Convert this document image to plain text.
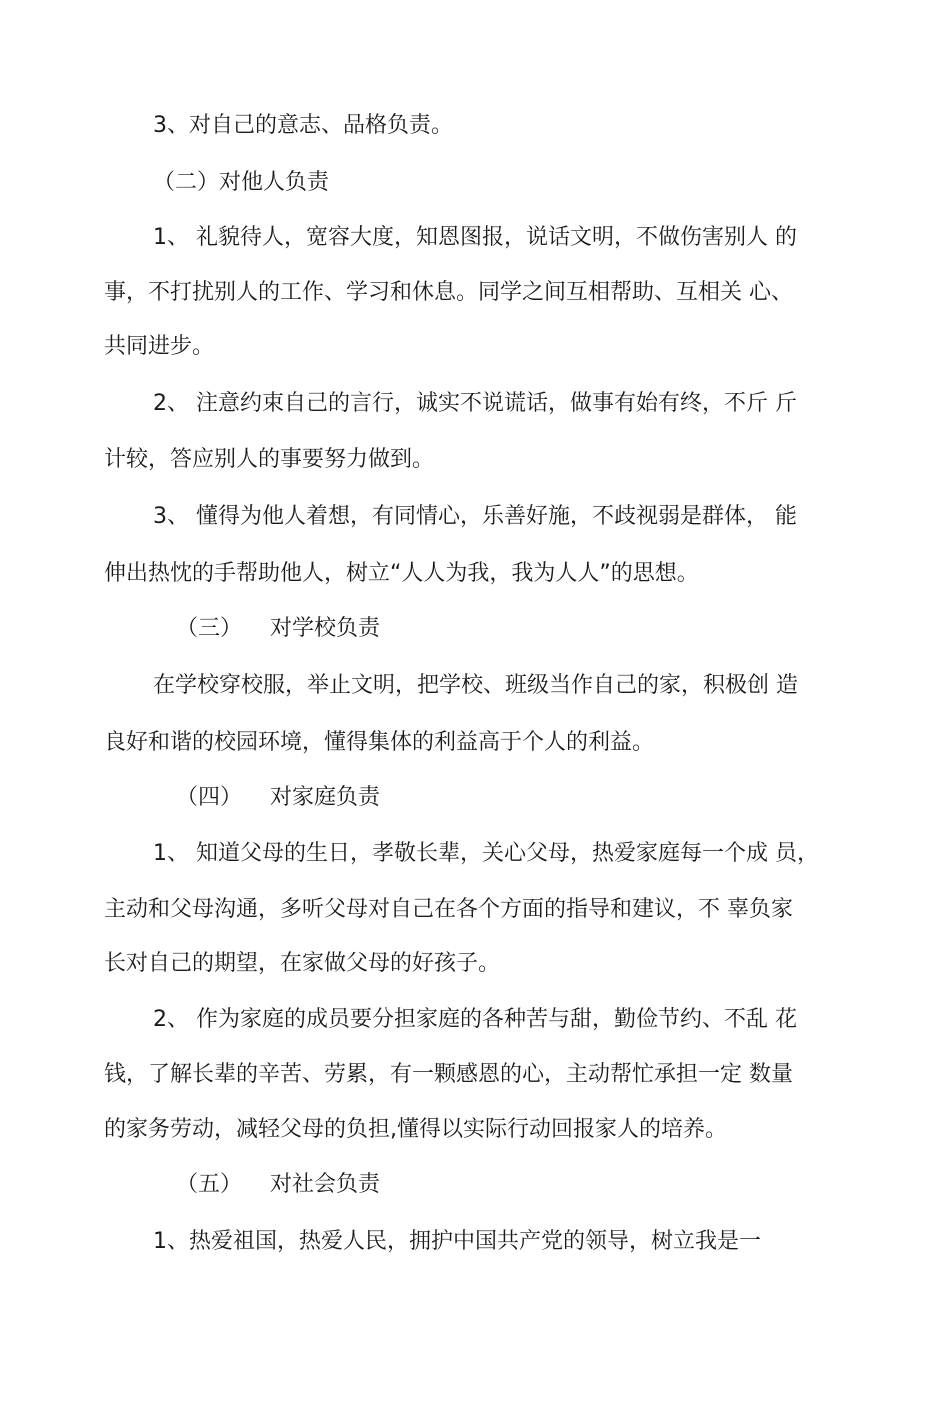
3、对自己的意志、品格负责。
（二）对他人负责
1、 礼貌待人，宽容大度，知恩图报，说话文明，不做伤害别人 的
事，不打扰别人的工作、学习和休息。同学之间互相帮助、互相关 心、
共同进步。
2、 注意约束自己的言行，诚实不说谎话，做事有始有终，不斤 斤
计较，答应别人的事要努力做到。
3、 懂得为他人着想，有同情心，乐善好施，不歧视弱是群体， 能
伸出热忱的手帮助他人，树立“人人为我，我为人人”的思想。
（三）    对学校负责
在学校穿校服，举止文明，把学校、班级当作自己的家，积极创 造
良好和谐的校园环境，懂得集体的利益高于个人的利益。
（四）    对家庭负责
1、 知道父母的生日，孝敬长辈，关心父母，热爱家庭每一个成 员，
主动和父母沟通，多听父母对自己在各个方面的指导和建议，不 辜负家
长对自己的期望，在家做父母的好孩子。
2、 作为家庭的成员要分担家庭的各种苦与甜，勤俭节约、不乱 花
钱，了解长辈的辛苦、劳累，有一颗感恩的心，主动帮忙承担一定 数量
的家务劳动，减轻父母的负担,懂得以实际行动回报家人的培养。
（五）    对社会负责
1、热爱祖国，热爱人民，拥护中国共产党的领导，树立我是一
